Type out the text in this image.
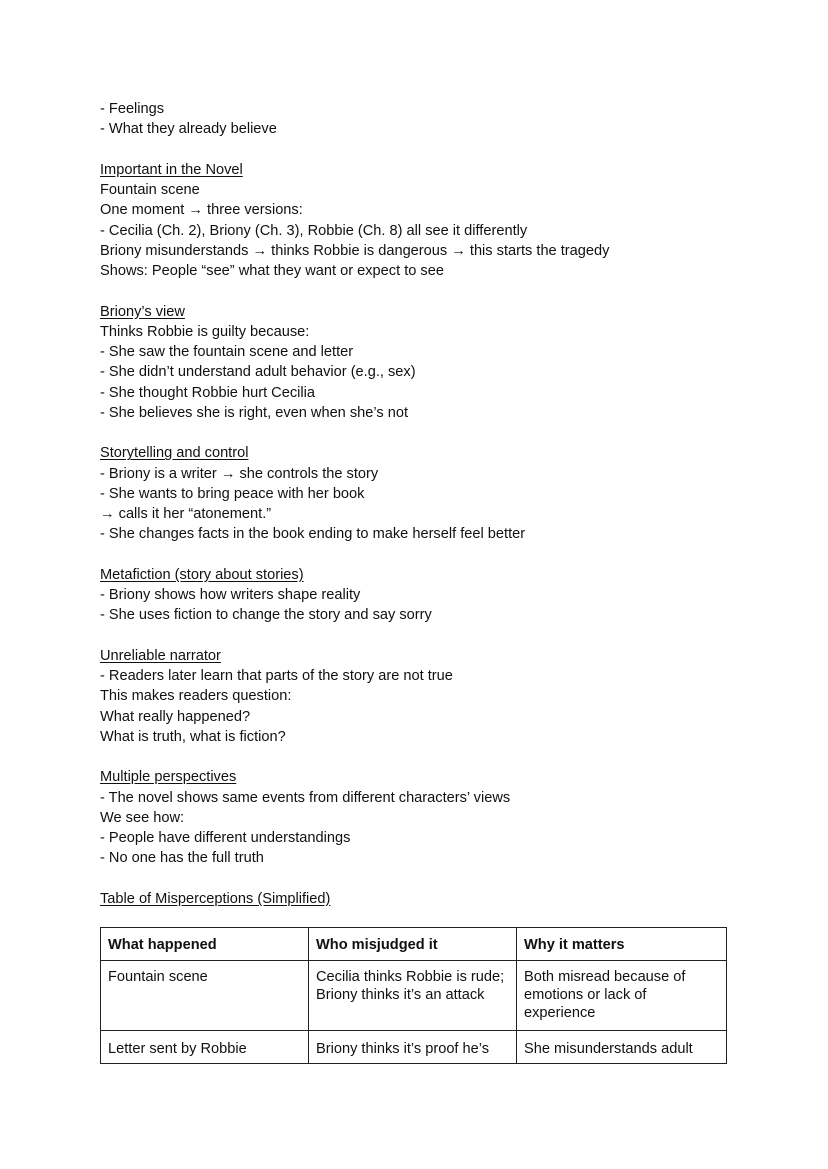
- Feelings
- What they already believe
Important in the Novel
Fountain scene
One moment → three versions:
- Cecilia (Ch. 2), Briony (Ch. 3), Robbie (Ch. 8) all see it differently
Briony misunderstands → thinks Robbie is dangerous → this starts the tragedy
Shows: People “see” what they want or expect to see
Briony’s view
Thinks Robbie is guilty because:
- She saw the fountain scene and letter
- She didn’t understand adult behavior (e.g., sex)
- She thought Robbie hurt Cecilia
- She believes she is right, even when she’s not
Storytelling and control
- Briony is a writer → she controls the story
- She wants to bring peace with her book
→ calls it her “atonement.”
- She changes facts in the book ending to make herself feel better
Metafiction (story about stories)
- Briony shows how writers shape reality
- She uses fiction to change the story and say sorry
Unreliable narrator
- Readers later learn that parts of the story are not true
This makes readers question:
What really happened?
What is truth, what is fiction?
Multiple perspectives
- The novel shows same events from different characters’ views
We see how:
- People have different understandings
- No one has the full truth
Table of Misperceptions (Simplified)
What happened	Who misjudged it	Why it matters
Fountain scene	Cecilia thinks Robbie is rude; Briony thinks it’s an attack	Both misread because of emotions or lack of experience
Letter sent by Robbie	Briony thinks it’s proof he’s	She misunderstands adult
